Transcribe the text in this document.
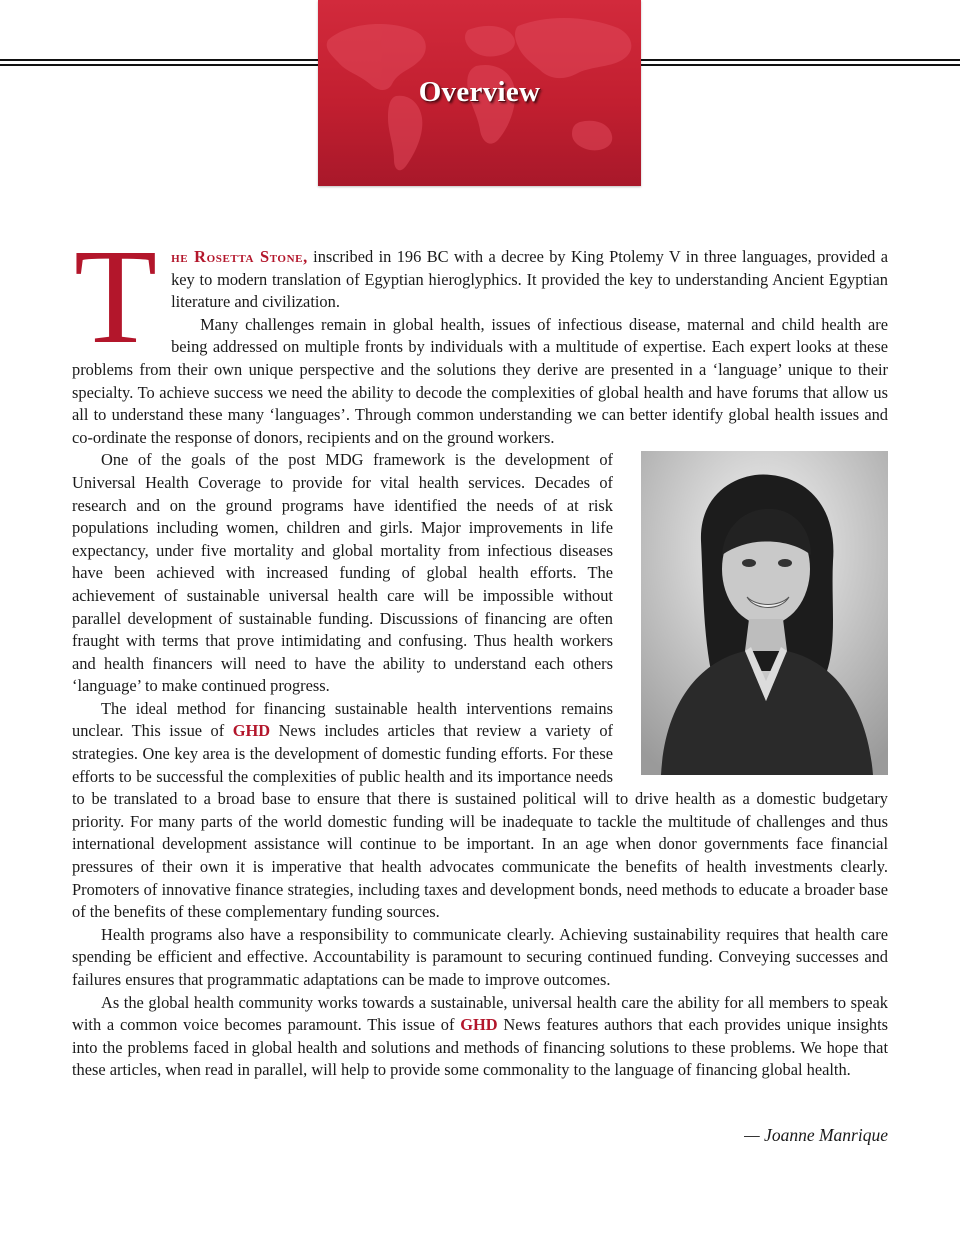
Overview
T he Rosetta Stone, inscribed in 196 BC with a decree by King Ptolemy V in three languages, provided a key to modern translation of Egyptian hieroglyphics. It provided the key to understanding Ancient Egyptian literature and civilization.

Many challenges remain in global health, issues of infectious disease, maternal and child health are being addressed on multiple fronts by individuals with a multitude of expertise. Each expert looks at these problems from their own unique perspective and the solutions they derive are presented in a ‘language’ unique to their specialty. To achieve success we need the ability to decode the complexities of global health and have forums that allow us all to understand these many ‘languages’. Through common understanding we can better identify global health issues and co-ordinate the response of donors, recipients and on the ground workers.

One of the goals of the post MDG framework is the development of Universal Health Coverage to provide for vital health services. Decades of research and on the ground programs have identified the needs of at risk populations including women, children and girls. Major improvements in life expectancy, under five mortality and global mortality from infectious diseases have been achieved with increased funding of global health efforts. The achievement of sustainable universal health care will be impossible without parallel development of sustainable funding. Discussions of financing are often fraught with terms that prove intimidating and confusing. Thus health workers and health financers will need to have the ability to understand each others ‘language’ to make continued progress.

The ideal method for financing sustainable health interventions remains unclear. This issue of GHD News includes articles that review a variety of strategies. One key area is the development of domestic funding efforts. For these efforts to be successful the complexities of public health and its importance needs to be translated to a broad base to ensure that there is sustained political will to drive health as a domestic budgetary priority. For many parts of the world domestic funding will be inadequate to tackle the multitude of challenges and thus international development assistance will continue to be important. In an age when donor governments face financial pressures of their own it is imperative that health advocates communicate the benefits of health investments clearly. Promoters of innovative finance strategies, including taxes and development bonds, need methods to educate a broader base of the benefits of these complementary funding sources.

Health programs also have a responsibility to communicate clearly. Achieving sustainability requires that health care spending be efficient and effective. Accountability is paramount to securing continued funding. Conveying successes and failures ensures that programmatic adaptations can be made to improve outcomes.

As the global health community works towards a sustainable, universal health care the ability for all members to speak with a common voice becomes paramount. This issue of GHD News features authors that each provides unique insights into the problems faced in global health and solutions and methods of financing solutions to these problems. We hope that these articles, when read in parallel, will help to provide some commonality to the language of financing global health.

— Joanne Manrique
